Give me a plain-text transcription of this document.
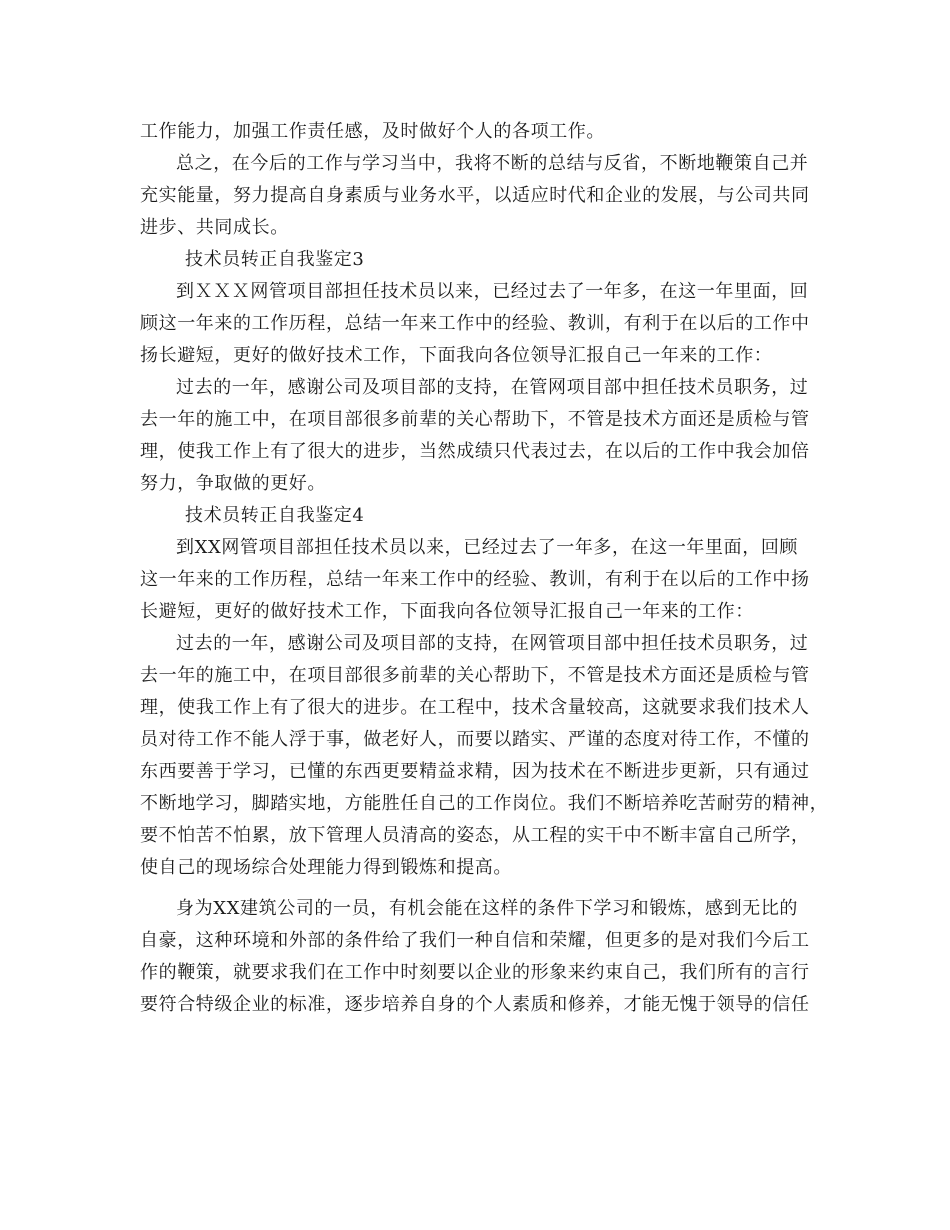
工作能力，加强工作责任感，及时做好个人的各项工作。
总之，在今后的工作与学习当中，我将不断的总结与反省，不断地鞭策自己并
充实能量，努力提高自身素质与业务水平，以适应时代和企业的发展，与公司共同
进步、共同成长。
技术员转正自我鉴定3
到ＸＸＸ网管项目部担任技术员以来，已经过去了一年多，在这一年里面，回
顾这一年来的工作历程，总结一年来工作中的经验、教训，有利于在以后的工作中
扬长避短，更好的做好技术工作，下面我向各位领导汇报自己一年来的工作：
过去的一年，感谢公司及项目部的支持，在管网项目部中担任技术员职务，过
去一年的施工中，在项目部很多前辈的关心帮助下，不管是技术方面还是质检与管
理，使我工作上有了很大的进步，当然成绩只代表过去，在以后的工作中我会加倍
努力，争取做的更好。
技术员转正自我鉴定4
到XX网管项目部担任技术员以来，已经过去了一年多，在这一年里面，回顾
这一年来的工作历程，总结一年来工作中的经验、教训，有利于在以后的工作中扬
长避短，更好的做好技术工作，下面我向各位领导汇报自己一年来的工作：
过去的一年，感谢公司及项目部的支持，在网管项目部中担任技术员职务，过
去一年的施工中，在项目部很多前辈的关心帮助下，不管是技术方面还是质检与管
理，使我工作上有了很大的进步。在工程中，技术含量较高，这就要求我们技术人
员对待工作不能人浮于事，做老好人，而要以踏实、严谨的态度对待工作，不懂的
东西要善于学习，已懂的东西更要精益求精，因为技术在不断进步更新，只有通过
不断地学习，脚踏实地，方能胜任自己的工作岗位。我们不断培养吃苦耐劳的精神，
要不怕苦不怕累，放下管理人员清高的姿态，从工程的实干中不断丰富自己所学，
使自己的现场综合处理能力得到锻炼和提高。
身为XX建筑公司的一员，有机会能在这样的条件下学习和锻炼，感到无比的
自豪，这种环境和外部的条件给了我们一种自信和荣耀，但更多的是对我们今后工
作的鞭策，就要求我们在工作中时刻要以企业的形象来约束自己，我们所有的言行
要符合特级企业的标准，逐步培养自身的个人素质和修养，才能无愧于领导的信任
